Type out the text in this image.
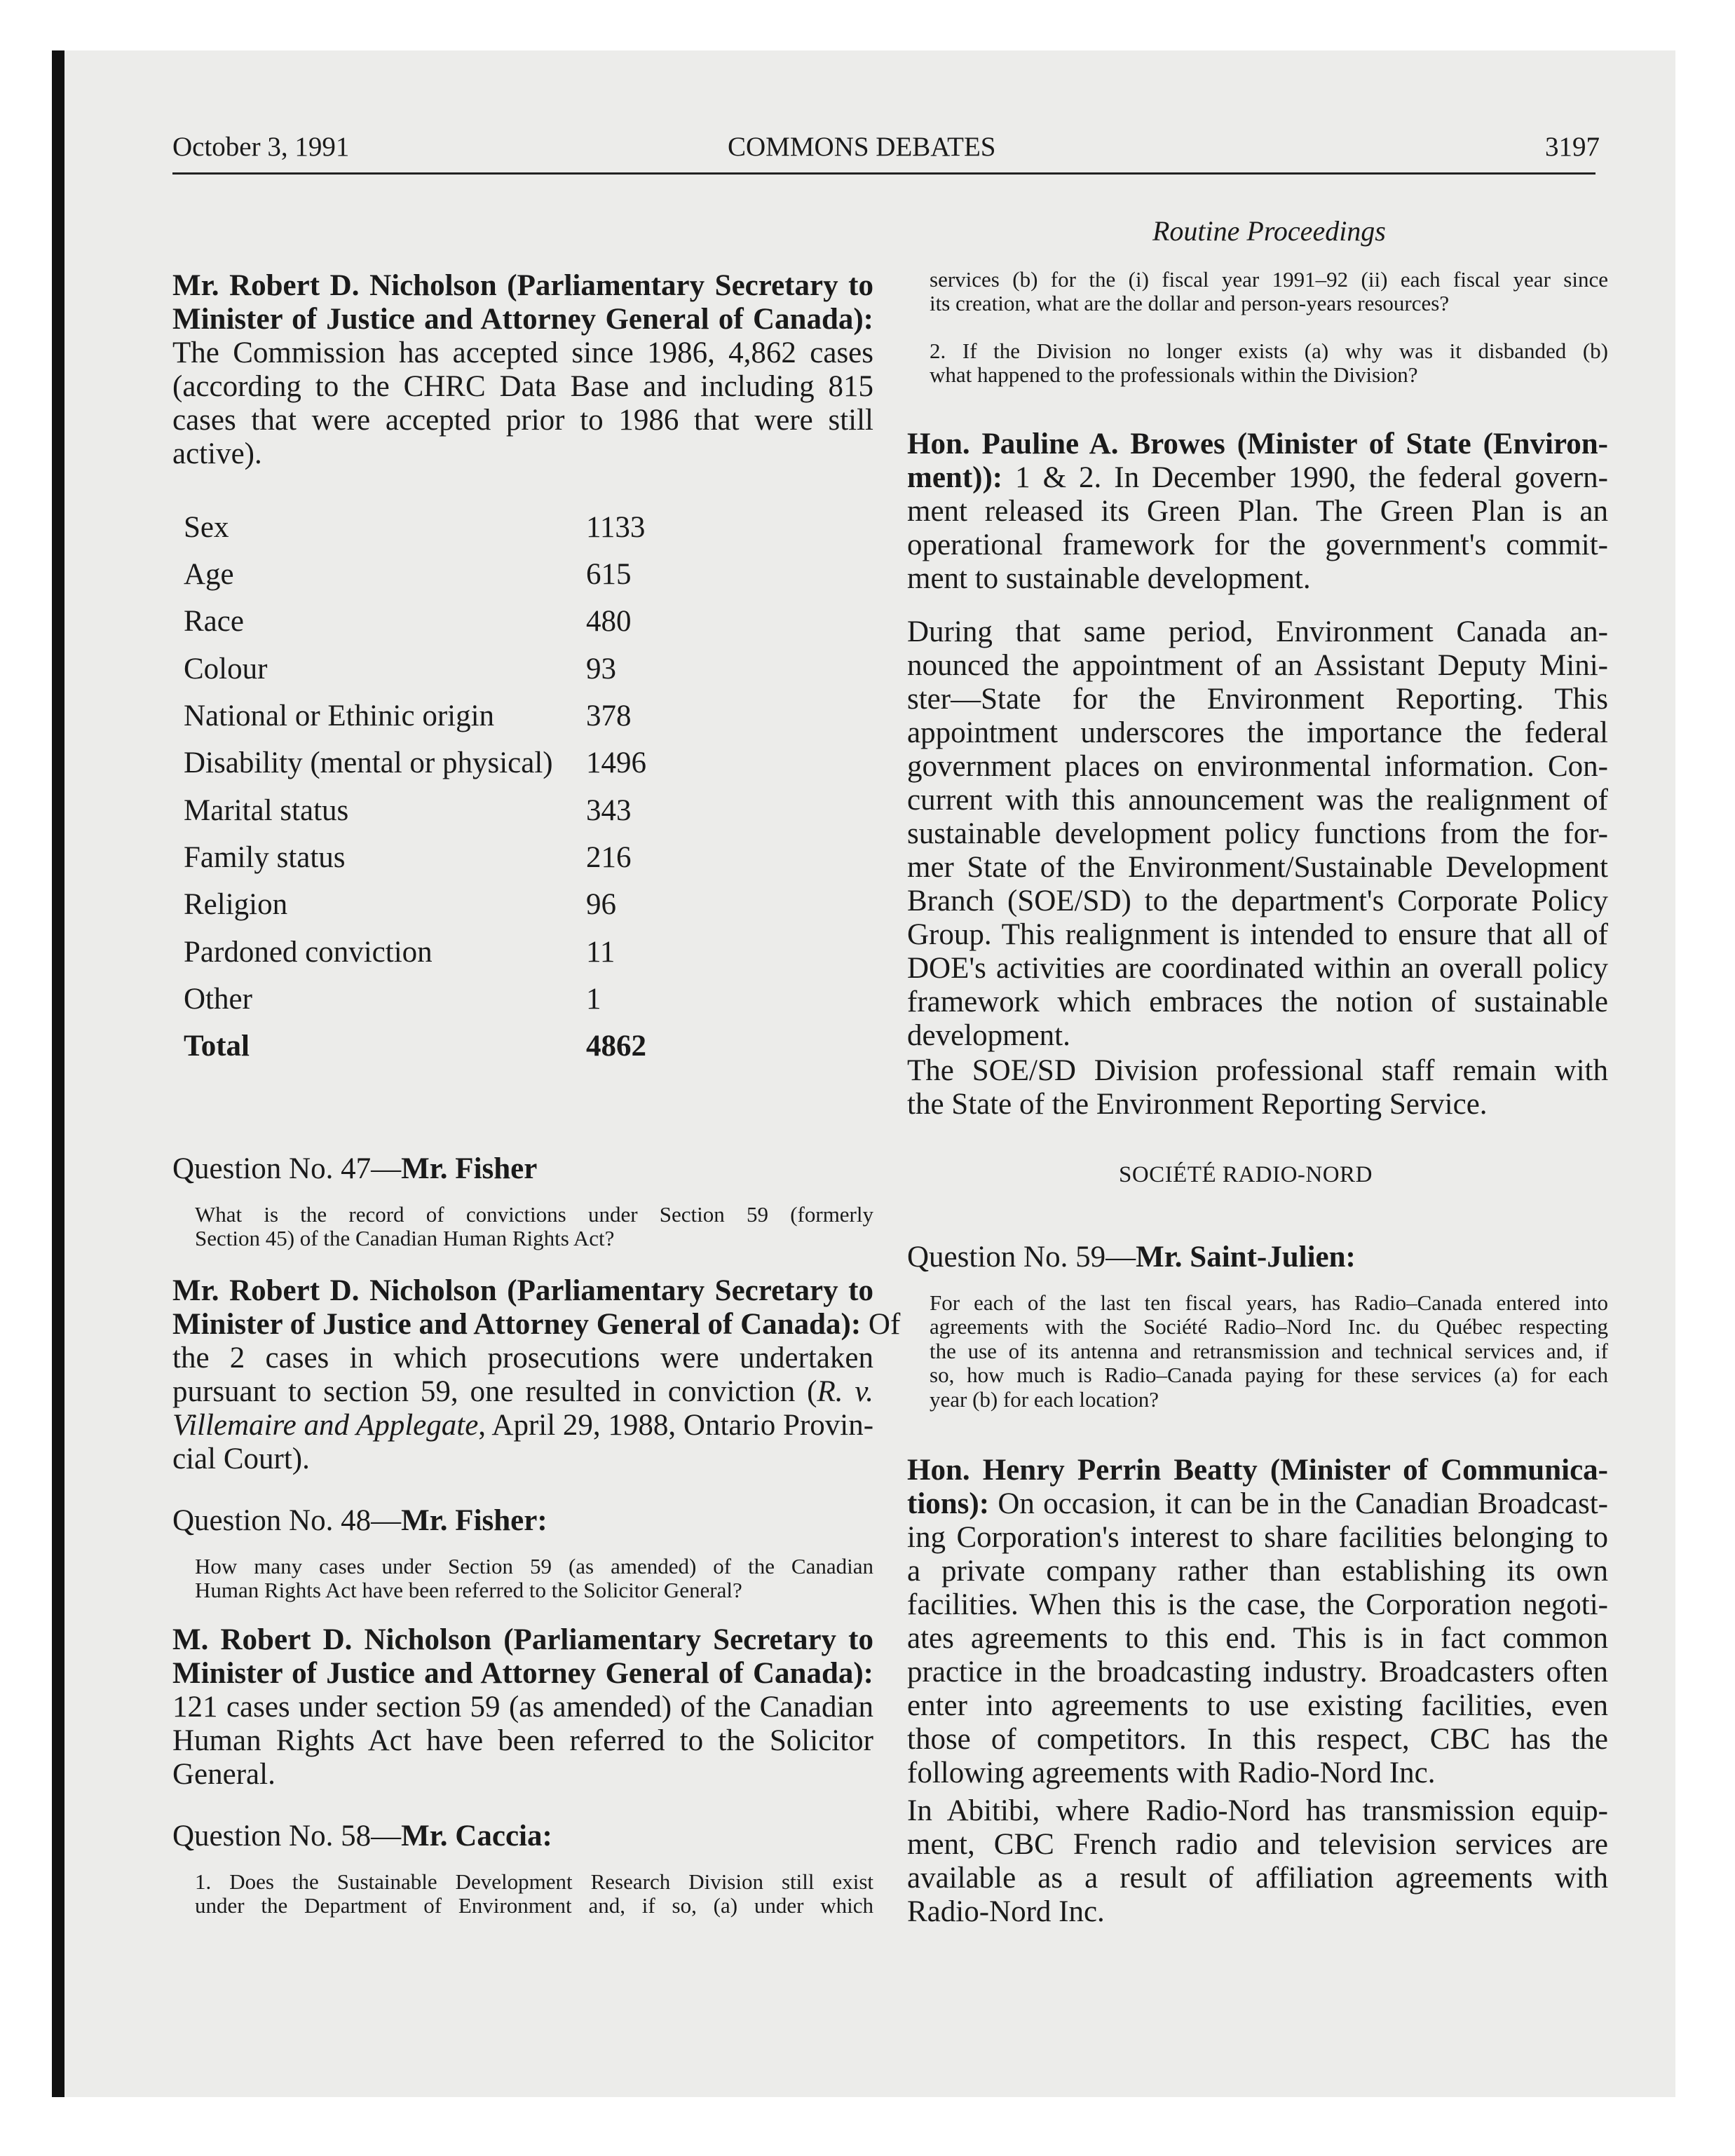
October 3, 1991	COMMONS DEBATES	3197
Routine Proceedings
Mr. Robert D. Nicholson (Parliamentary Secretary to
Minister of Justice and Attorney General of Canada):
The Commission has accepted since 1986, 4,862 cases
(according to the CHRC Data Base and including 815
cases that were accepted prior to 1986 that were still
active).
Sex	1133
Age	615
Race	480
Colour	93
National or Ethinic origin	378
Disability (mental or physical) 1496
Marital status	343
Family status	216
Religion	96
Pardoned conviction	11
Other	1
Total	4862
Question No. 47—Mr. Fisher
What is the record of convictions under Section 59 (formerly
Section 45) of the Canadian Human Rights Act?
Mr. Robert D. Nicholson (Parliamentary Secretary to
Minister of Justice and Attorney General of Canada): Of
the 2 cases in which prosecutions were undertaken
pursuant to section 59, one resulted in conviction (R. v.
Villemaire and Applegate, April 29, 1988, Ontario Provin-
cial Court).
Question No. 48—Mr. Fisher:
How many cases under Section 59 (as amended) of the Canadian
Human Rights Act have been referred to the Solicitor General?
M. Robert D. Nicholson (Parliamentary Secretary to
Minister of Justice and Attorney General of Canada):
121 cases under section 59 (as amended) of the Canadian
Human Rights Act have been referred to the Solicitor
General.
Question No. 58—Mr. Caccia:
1. Does the Sustainable Development Research Division still exist
under the Department of Environment and, if so, (a) under which
services (b) for the (i) fiscal year 1991–92 (ii) each fiscal year since
its creation, what are the dollar and person-years resources?
2. If the Division no longer exists (a) why was it disbanded (b)
what happened to the professionals within the Division?
Hon. Pauline A. Browes (Minister of State (Environ-
ment)): 1 & 2. In December 1990, the federal govern-
ment released its Green Plan. The Green Plan is an
operational framework for the government's commit-
ment to sustainable development.
During that same period, Environment Canada an-
nounced the appointment of an Assistant Deputy Mini-
ster—State for the Environment Reporting. This
appointment underscores the importance the federal
government places on environmental information. Con-
current with this announcement was the realignment of
sustainable development policy functions from the for-
mer State of the Environment/Sustainable Development
Branch (SOE/SD) to the department's Corporate Policy
Group. This realignment is intended to ensure that all of
DOE's activities are coordinated within an overall policy
framework which embraces the notion of sustainable
development.
The SOE/SD Division professional staff remain with
the State of the Environment Reporting Service.
SOCIÉTÉ RADIO-NORD
Question No. 59—Mr. Saint-Julien:
For each of the last ten fiscal years, has Radio–Canada entered into
agreements with the Société Radio–Nord Inc. du Québec respecting
the use of its antenna and retransmission and technical services and, if
so, how much is Radio–Canada paying for these services (a) for each
year (b) for each location?
Hon. Henry Perrin Beatty (Minister of Communica-
tions): On occasion, it can be in the Canadian Broadcast-
ing Corporation's interest to share facilities belonging to
a private company rather than establishing its own
facilities. When this is the case, the Corporation negoti-
ates agreements to this end. This is in fact common
practice in the broadcasting industry. Broadcasters often
enter into agreements to use existing facilities, even
those of competitors. In this respect, CBC has the
following agreements with Radio-Nord Inc.
In Abitibi, where Radio-Nord has transmission equip-
ment, CBC French radio and television services are
available as a result of affiliation agreements with
Radio-Nord Inc.
